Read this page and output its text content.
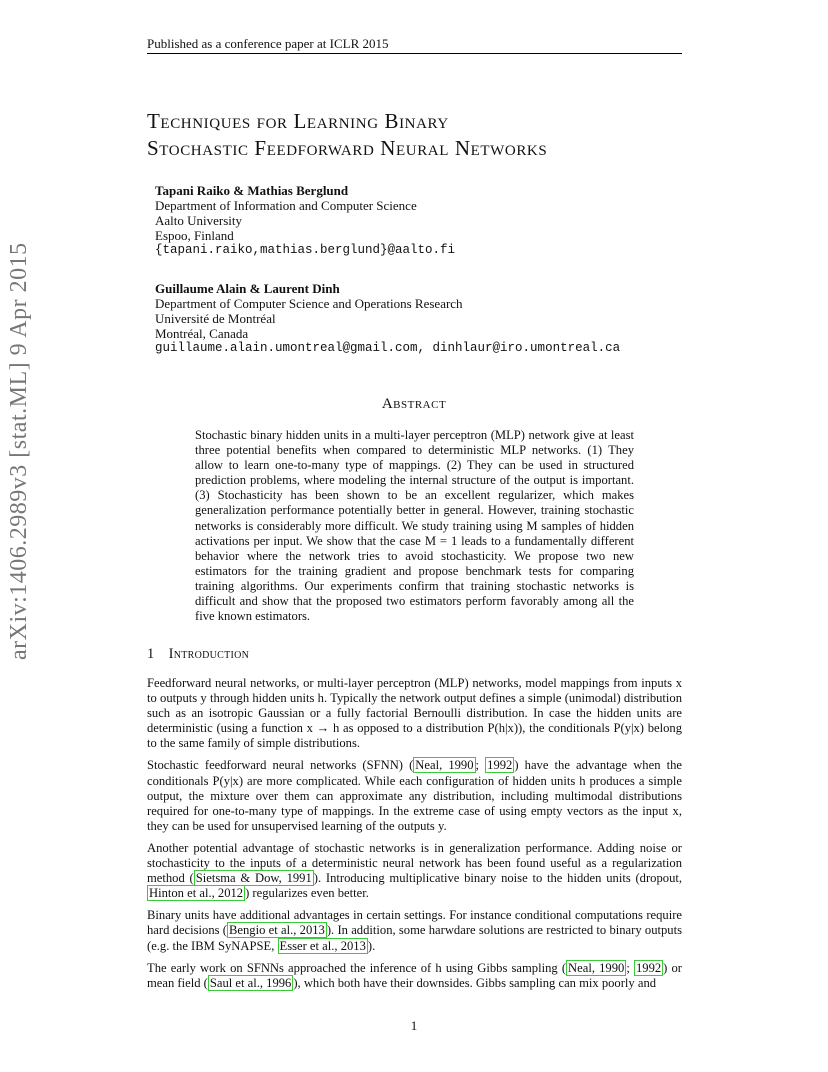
Published as a conference paper at ICLR 2015
Techniques for Learning Binary
Stochastic Feedforward Neural Networks
Tapani Raiko & Mathias Berglund
Department of Information and Computer Science
Aalto University
Espoo, Finland
{tapani.raiko,mathias.berglund}@aalto.fi
Guillaume Alain & Laurent Dinh
Department of Computer Science and Operations Research
Université de Montréal
Montréal, Canada
guillaume.alain.umontreal@gmail.com, dinhlaur@iro.umontreal.ca
Abstract
Stochastic binary hidden units in a multi-layer perceptron (MLP) network give at least three potential benefits when compared to deterministic MLP networks. (1) They allow to learn one-to-many type of mappings. (2) They can be used in structured prediction problems, where modeling the internal structure of the output is important. (3) Stochasticity has been shown to be an excellent regularizer, which makes generalization performance potentially better in general. However, training stochastic networks is considerably more difficult. We study training using M samples of hidden activations per input. We show that the case M = 1 leads to a fundamentally different behavior where the network tries to avoid stochasticity. We propose two new estimators for the training gradient and propose benchmark tests for comparing training algorithms. Our experiments confirm that training stochastic networks is difficult and show that the proposed two estimators perform favorably among all the five known estimators.
1 Introduction

Feedforward neural networks, or multi-layer perceptron (MLP) networks, model mappings from inputs x to outputs y through hidden units h. Typically the network output defines a simple (unimodal) distribution such as an isotropic Gaussian or a fully factorial Bernoulli distribution. In case the hidden units are deterministic (using a function x → h as opposed to a distribution P(h|x)), the conditionals P(y|x) belong to the same family of simple distributions.

Stochastic feedforward neural networks (SFNN) ( Neal, 1990 ; 1992 ) have the advantage when the conditionals P(y|x) are more complicated. While each configuration of hidden units h produces a simple output, the mixture over them can approximate any distribution, including multimodal distributions required for one-to-many type of mappings. In the extreme case of using empty vectors as the input x, they can be used for unsupervised learning of the outputs y.

Another potential advantage of stochastic networks is in generalization performance. Adding noise or stochasticity to the inputs of a deterministic neural network has been found useful as a regularization method ( Sietsma & Dow, 1991 ). Introducing multiplicative binary noise to the hidden units (dropout, Hinton et al., 2012 ) regularizes even better.

Binary units have additional advantages in certain settings. For instance conditional computations require hard decisions ( Bengio et al., 2013 ). In addition, some harwdare solutions are restricted to binary outputs (e.g. the IBM SyNAPSE, Esser et al., 2013 ).

The early work on SFNNs approached the inference of h using Gibbs sampling ( Neal, 1990 ; 1992 ) or mean field ( Saul et al., 1996 ), which both have their downsides. Gibbs sampling can mix poorly and

1
arXiv:1406.2989v3 [stat.ML] 9 Apr 2015
